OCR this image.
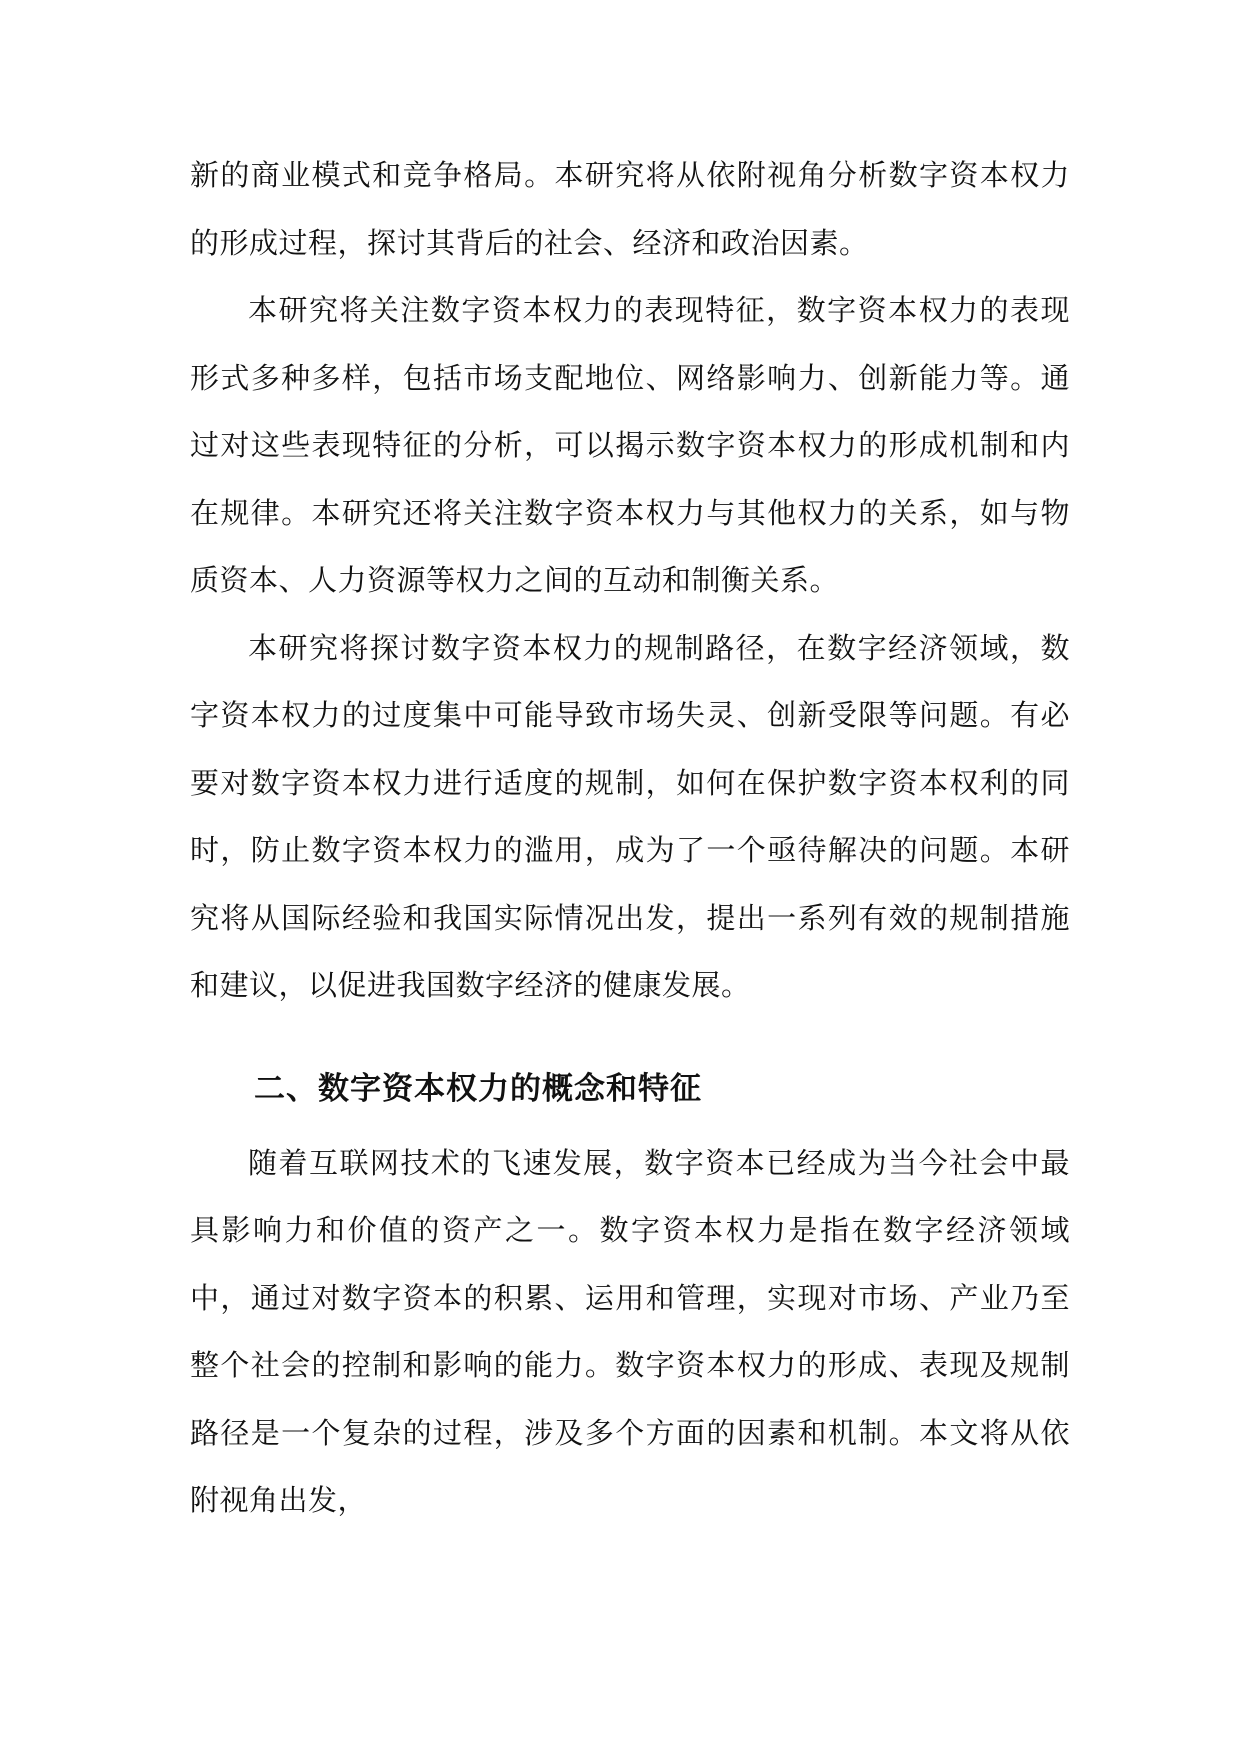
新的商业模式和竞争格局。本研究将从依附视角分析数字资本权力的形成过程，探讨其背后的社会、经济和政治因素。

本研究将关注数字资本权力的表现特征，数字资本权力的表现形式多种多样，包括市场支配地位、网络影响力、创新能力等。通过对这些表现特征的分析，可以揭示数字资本权力的形成机制和内在规律。本研究还将关注数字资本权力与其他权力的关系，如与物质资本、人力资源等权力之间的互动和制衡关系。

本研究将探讨数字资本权力的规制路径，在数字经济领域，数字资本权力的过度集中可能导致市场失灵、创新受限等问题。有必要对数字资本权力进行适度的规制，如何在保护数字资本权利的同时，防止数字资本权力的滥用，成为了一个亟待解决的问题。本研究将从国际经验和我国实际情况出发，提出一系列有效的规制措施和建议，以促进我国数字经济的健康发展。

二、数字资本权力的概念和特征

随着互联网技术的飞速发展，数字资本已经成为当今社会中最具影响力和价值的资产之一。数字资本权力是指在数字经济领域中，通过对数字资本的积累、运用和管理，实现对市场、产业乃至整个社会的控制和影响的能力。数字资本权力的形成、表现及规制路径是一个复杂的过程，涉及多个方面的因素和机制。本文将从依附视角出发，
